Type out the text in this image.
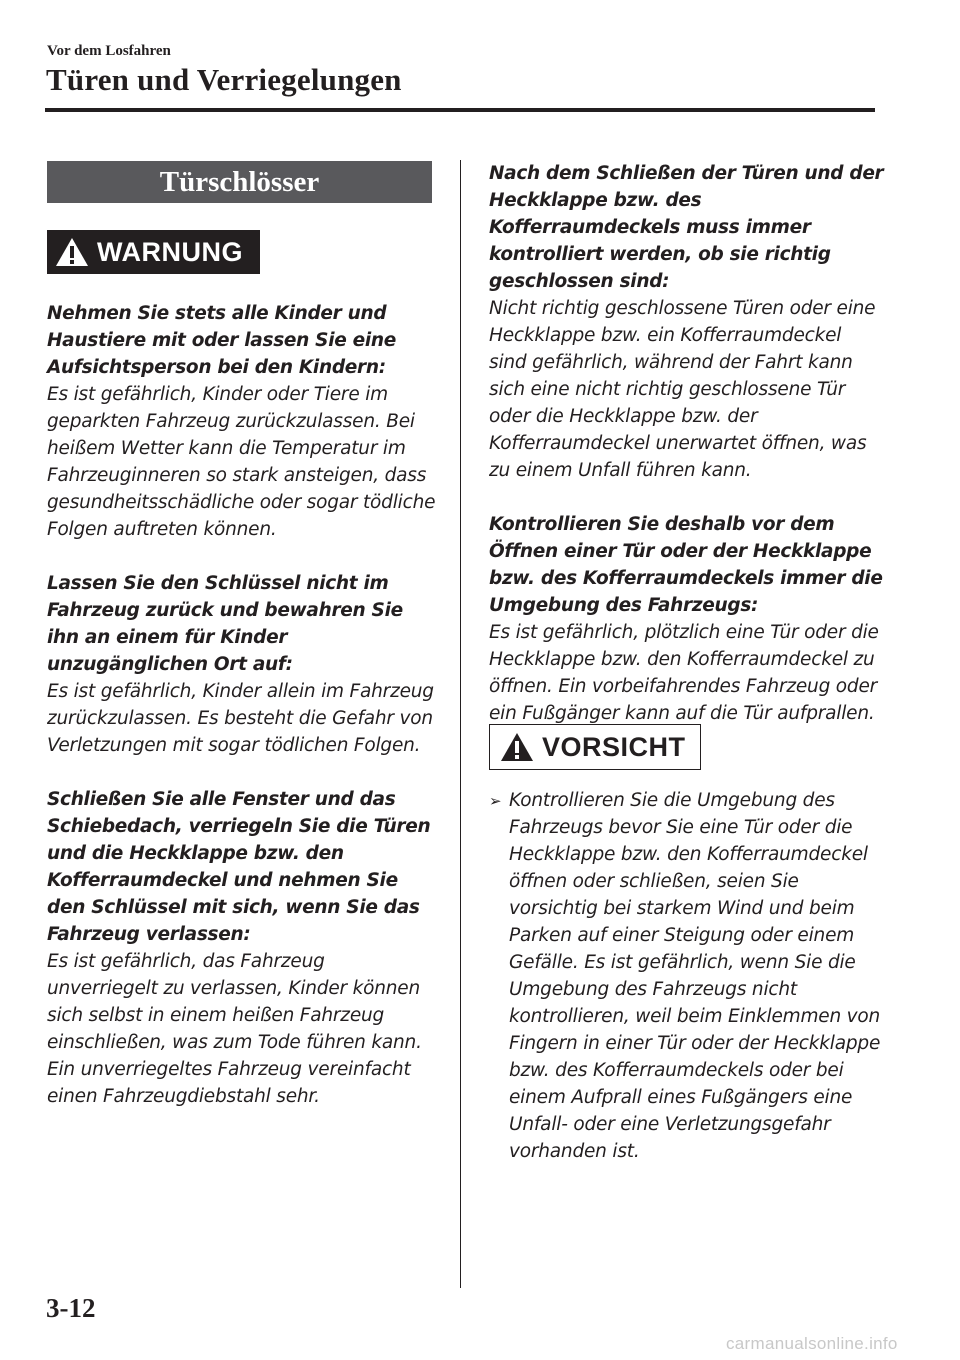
Vor dem Losfahren
Türen und Verriegelungen
Türschlösser
WARNUNG
Nehmen Sie stets alle Kinder und Haustiere mit oder lassen Sie eine Aufsichtsperson bei den Kindern:
Es ist gefährlich, Kinder oder Tiere im geparkten Fahrzeug zurückzulassen. Bei heißem Wetter kann die Temperatur im Fahrzeuginneren so stark ansteigen, dass gesundheitsschädliche oder sogar tödliche Folgen auftreten können.
Lassen Sie den Schlüssel nicht im Fahrzeug zurück und bewahren Sie ihn an einem für Kinder unzugänglichen Ort auf:
Es ist gefährlich, Kinder allein im Fahrzeug zurückzulassen. Es besteht die Gefahr von Verletzungen mit sogar tödlichen Folgen.
Schließen Sie alle Fenster und das Schiebedach, verriegeln Sie die Türen und die Heckklappe bzw. den Kofferraumdeckel und nehmen Sie den Schlüssel mit sich, wenn Sie das Fahrzeug verlassen:
Es ist gefährlich, das Fahrzeug unverriegelt zu verlassen, Kinder können sich selbst in einem heißen Fahrzeug einschließen, was zum Tode führen kann. Ein unverriegeltes Fahrzeug vereinfacht einen Fahrzeugdiebstahl sehr.
Nach dem Schließen der Türen und der Heckklappe bzw. des Kofferraumdeckels muss immer kontrolliert werden, ob sie richtig geschlossen sind:
Nicht richtig geschlossene Türen oder eine Heckklappe bzw. ein Kofferraumdeckel sind gefährlich, während der Fahrt kann sich eine nicht richtig geschlossene Tür oder die Heckklappe bzw. der Kofferraumdeckel unerwartet öffnen, was zu einem Unfall führen kann.
Kontrollieren Sie deshalb vor dem Öffnen einer Tür oder der Heckklappe bzw. des Kofferraumdeckels immer die Umgebung des Fahrzeugs:
Es ist gefährlich, plötzlich eine Tür oder die Heckklappe bzw. den Kofferraumdeckel zu öffnen. Ein vorbeifahrendes Fahrzeug oder ein Fußgänger kann auf die Tür aufprallen.
VORSICHT
➢ Kontrollieren Sie die Umgebung des Fahrzeugs bevor Sie eine Tür oder die Heckklappe bzw. den Kofferraumdeckel öffnen oder schließen, seien Sie vorsichtig bei starkem Wind und beim Parken auf einer Steigung oder einem Gefälle. Es ist gefährlich, wenn Sie die Umgebung des Fahrzeugs nicht kontrollieren, weil beim Einklemmen von Fingern in einer Tür oder der Heckklappe bzw. des Kofferraumdeckels oder bei einem Aufprall eines Fußgängers eine Unfall- oder eine Verletzungsgefahr vorhanden ist.
3-12
carmanualsonline.info
